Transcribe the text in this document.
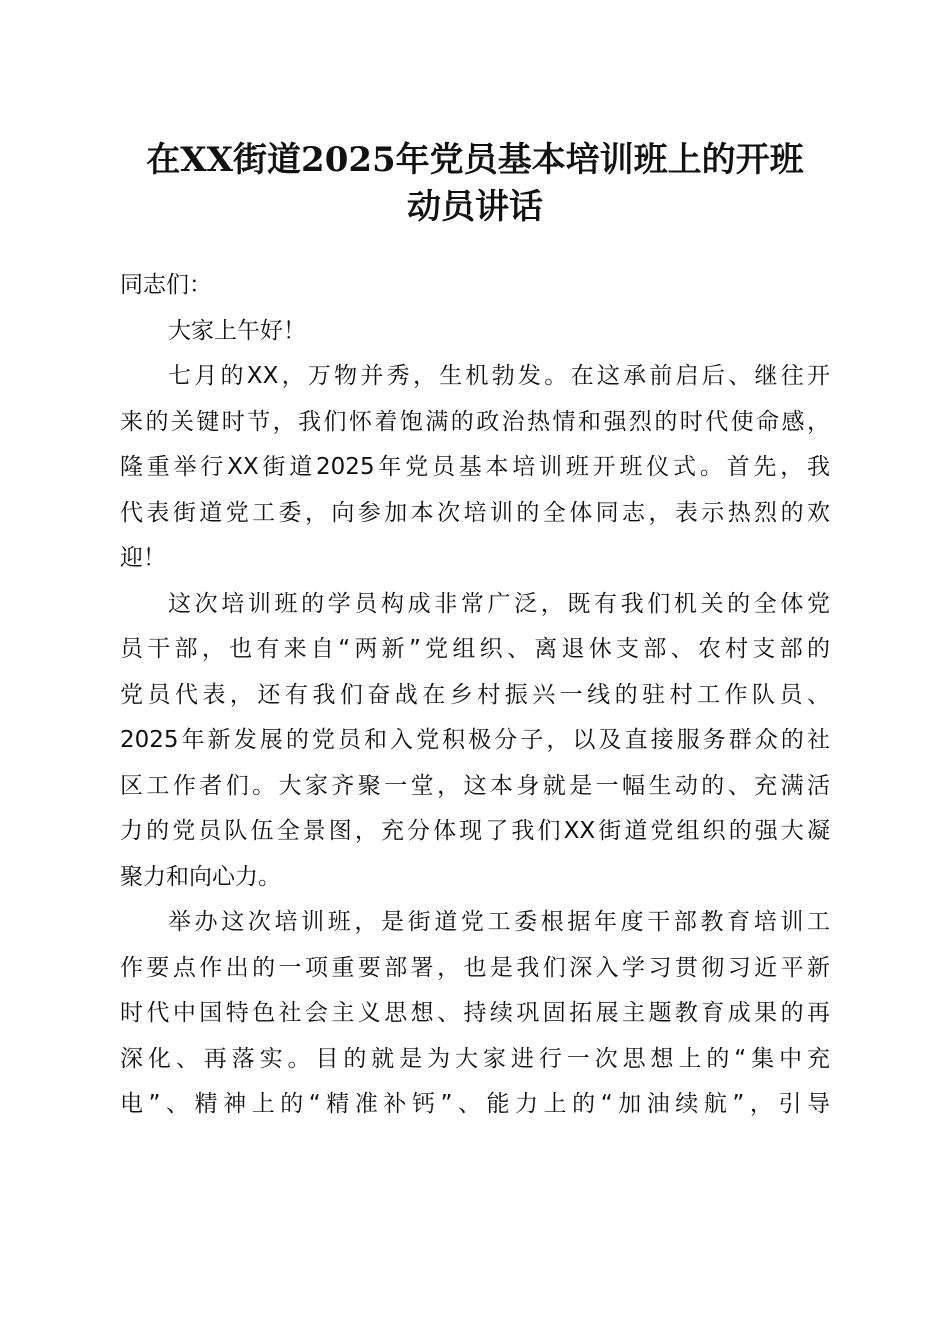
在XX街道2025年党员基本培训班上的开班
动员讲话
同志们：
大家上午好！
七月的XX，万物并秀，生机勃发。在这承前启后、继往开
来的关键时节，我们怀着饱满的政治热情和强烈的时代使命感，
隆重举行XX街道2025年党员基本培训班开班仪式。首先，我
代表街道党工委，向参加本次培训的全体同志，表示热烈的欢
迎！
这次培训班的学员构成非常广泛，既有我们机关的全体党
员干部，也有来自“两新”党组织、离退休支部、农村支部的
党员代表，还有我们奋战在乡村振兴一线的驻村工作队员、
2025年新发展的党员和入党积极分子，以及直接服务群众的社
区工作者们。大家齐聚一堂，这本身就是一幅生动的、充满活
力的党员队伍全景图，充分体现了我们XX街道党组织的强大凝
聚力和向心力。
举办这次培训班，是街道党工委根据年度干部教育培训工
作要点作出的一项重要部署，也是我们深入学习贯彻习近平新
时代中国特色社会主义思想、持续巩固拓展主题教育成果的再
深化、再落实。目的就是为大家进行一次思想上的“集中充
电”、精神上的“精准补钙”、能力上的“加油续航”，引导
